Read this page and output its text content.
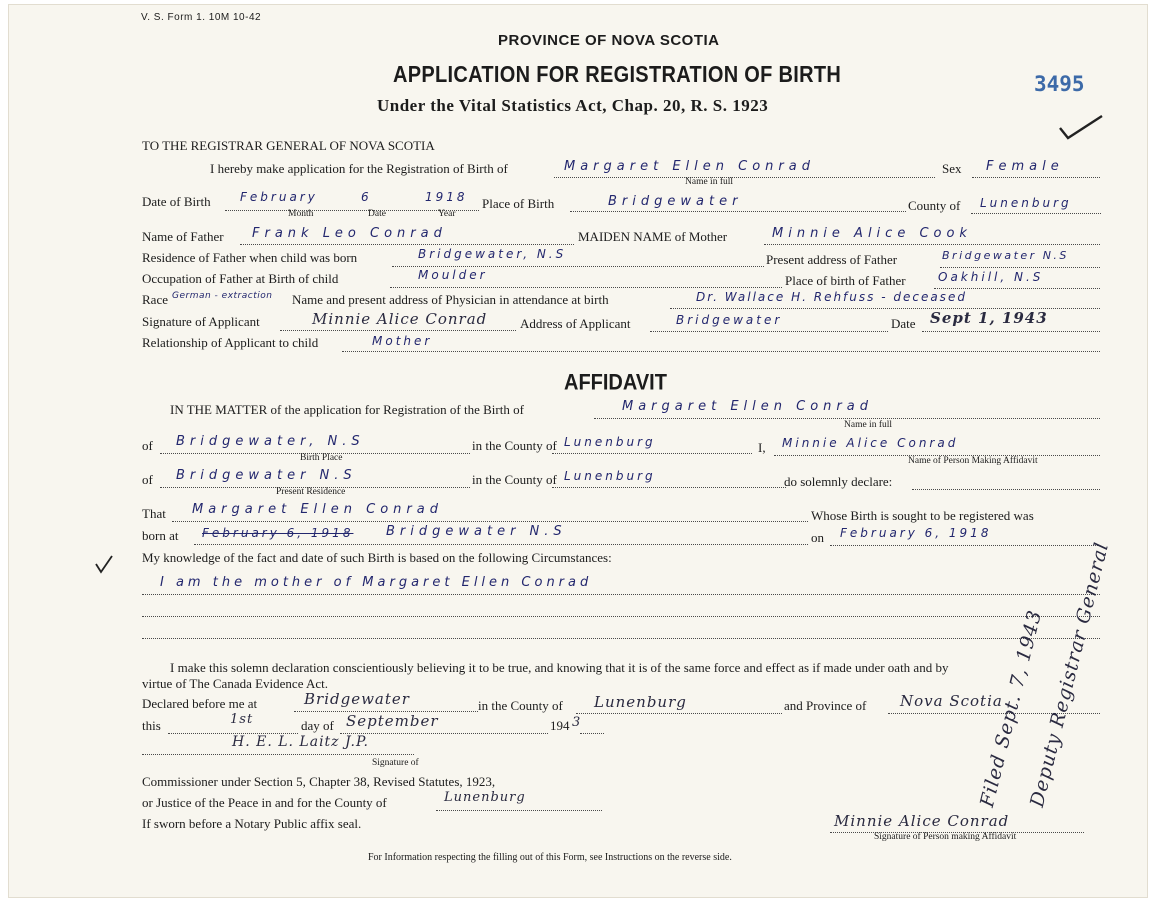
V. S. Form 1. 10M 10-42
PROVINCE OF NOVA SCOTIA
APPLICATION FOR REGISTRATION OF BIRTH
Under the Vital Statistics Act, Chap. 20, R. S. 1923
3495
TO THE REGISTRAR GENERAL OF NOVA SCOTIA
I hereby make application for the Registration of Birth of	Margaret Ellen Conrad
Name in full
Sex Female
Date of Birth February	6	1918
Month	Date	Year
Place of Birth	Bridgewater	County of Lunenburg
Name of Father Frank Leo Conrad	MAIDEN NAME of Mother	Minnie Alice Cook
Residence of Father when child was born	Bridgewater, N.S	Present address of Father	Bridgewater N.S
Occupation of Father at Birth of child	Moulder	Place of birth of Father	Oakhill, N.S
Race German - extraction Name and present address of Physician in attendance at birth	Dr. Wallace H. Rehfuss - deceased
Signature of Applicant	Minnie Alice Conrad	Address of Applicant	Bridgewater	Date Sept 1, 1943
Relationship of Applicant to child	Mother
AFFIDAVIT
IN THE MATTER of the application for Registration of the Birth of	Margaret Ellen Conrad
Name in full
of Bridgewater, N.S
Birth Place
in the County of Lunenburg	I, Minnie Alice Conrad
Name of Person Making Affidavit
of Bridgewater N.S
Present Residence
in the County of Lunenburg	do solemnly declare:
That Margaret Ellen Conrad	Whose Birth is sought to be registered was
born at February 6, 1918	Bridgewater N.S	on February 6, 1918
My knowledge of the fact and date of such Birth is based on the following Circumstances:
I am the mother of Margaret Ellen Conrad
I make this solemn declaration conscientiously believing it to be true, and knowing that it is of the same force and effect as if made under oath and by
virtue of The Canada Evidence Act.
Declared before me at	Bridgewater	in the County of Lunenburg	and Province of Nova Scotia
this	1st	day of September	194 3
H. E. L. Laitz J.P.
Signature of
Commissioner under Section 5, Chapter 38, Revised Statutes, 1923,
or Justice of the Peace in and for the County of	Lunenburg
If sworn before a Notary Public affix seal.	Minnie Alice Conrad
Signature of Person making Affidavit
Filed Sept. 7, 1943
Deputy Registrar General
For Information respecting the filling out of this Form, see Instructions on the reverse side.
